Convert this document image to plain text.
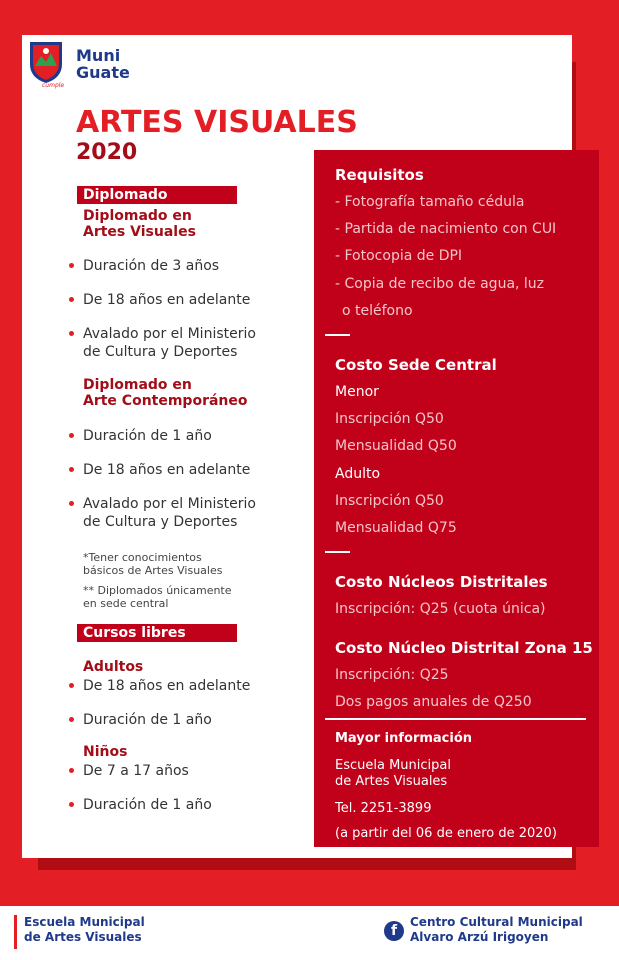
Muni
Guate
cumple
ARTES VISUALES
2020
Diplomado
Diplomado en
Artes Visuales
Duración de 3 años
De 18 años en adelante
Avalado por el Ministerio
de Cultura y Deportes
Diplomado en
Arte Contemporáneo
Duración de 1 año
De 18 años en adelante
Avalado por el Ministerio
de Cultura y Deportes
*Tener conocimientos
básicos de Artes Visuales
** Diplomados únicamente
en sede central
Cursos libres
Adultos
De 18 años en adelante
Duración de 1 año
Niños
De 7 a 17 años
Duración de 1 año
Requisitos
- Fotografía tamaño cédula
- Partida de nacimiento con CUI
- Fotocopia de DPI
- Copia de recibo de agua, luz
o teléfono
Costo Sede Central
Menor
Inscripción Q50
Mensualidad Q50
Adulto
Inscripción Q50
Mensualidad Q75
Costo Núcleos Distritales
Inscripción: Q25 (cuota única)
Costo Núcleo Distrital Zona 15
Inscripción: Q25
Dos pagos anuales de Q250
Mayor información
Escuela Municipal
de Artes Visuales
Tel. 2251-3899
(a partir del 06 de enero de 2020)
Escuela Municipal
de Artes Visuales	f
Centro Cultural Municipal
Alvaro Arzú Irigoyen
